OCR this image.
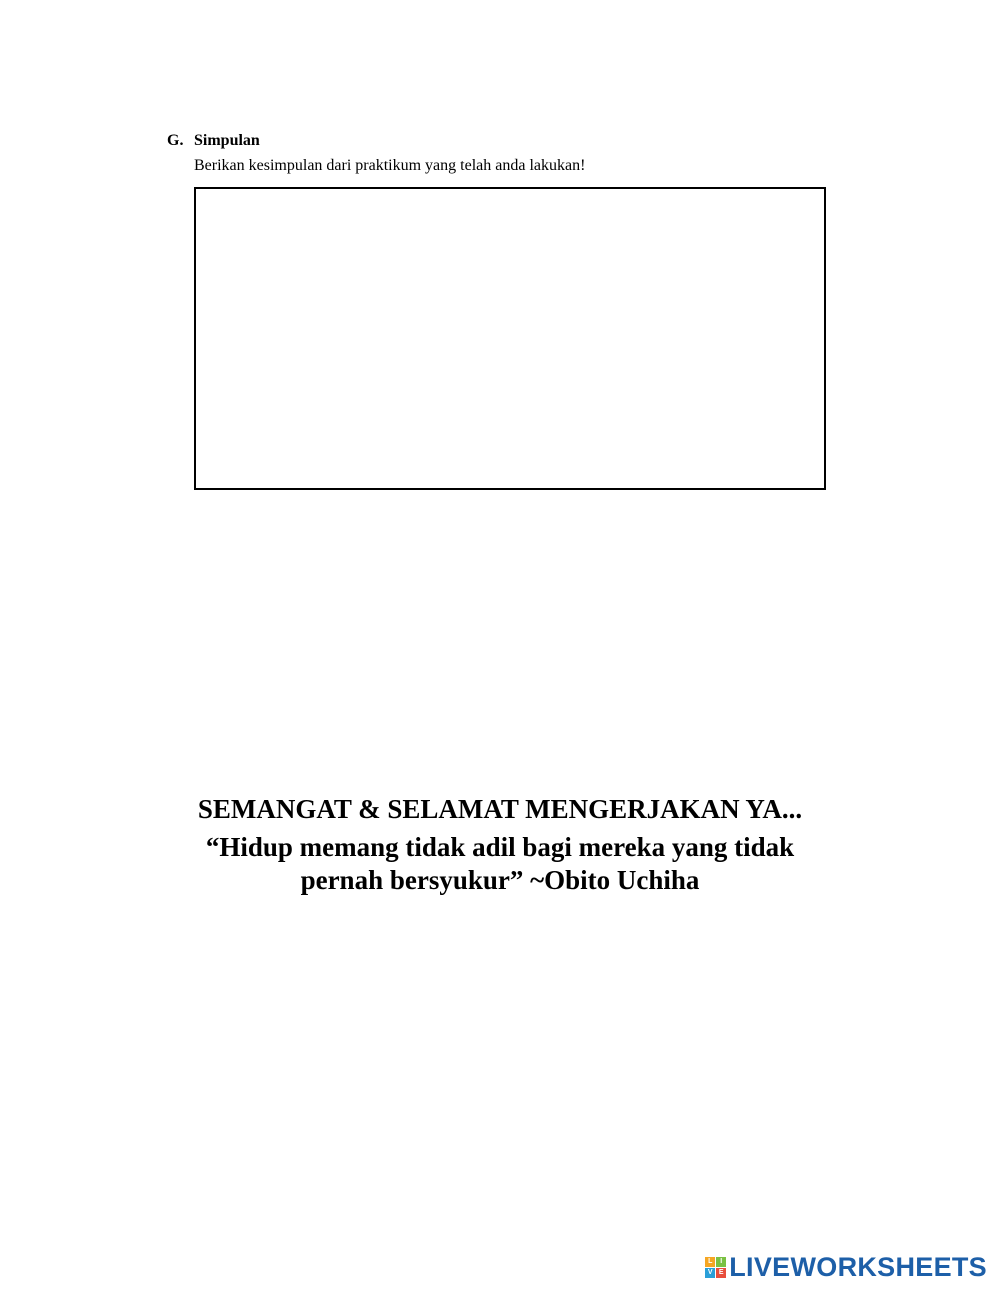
G. Simpulan
Berikan kesimpulan dari praktikum yang telah anda lakukan!
SEMANGAT & SELAMAT MENGERJAKAN YA...
“Hidup memang tidak adil bagi mereka yang tidak
pernah bersyukur” ~Obito Uchiha
L	I
V E LIVEWORKSHEETS
